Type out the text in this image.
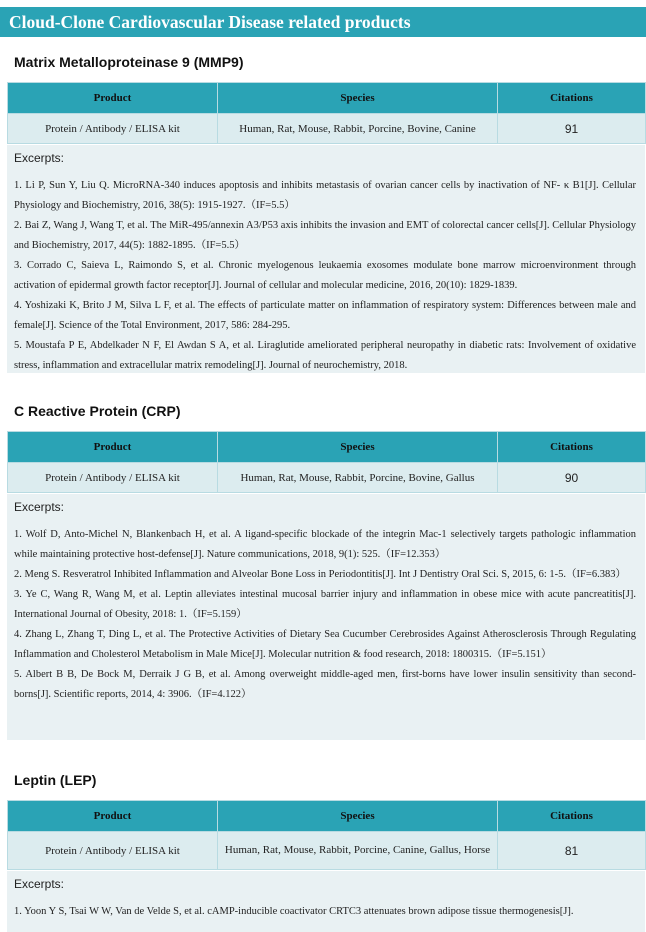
Cloud-Clone Cardiovascular Disease related products
Matrix Metalloproteinase 9 (MMP9)
Product	Species	Citations
Protein / Antibody / ELISA kit	Human, Rat, Mouse, Rabbit, Porcine, Bovine, Canine	91
Excerpts:
1. Li P, Sun Y, Liu Q. MicroRNA-340 induces apoptosis and inhibits metastasis of ovarian cancer cells by inactivation of NF- κ B1[J]. Cellular Physiology and Biochemistry, 2016, 38(5): 1915-1927.（IF=5.5）
2. Bai Z, Wang J, Wang T, et al. The MiR-495/annexin A3/P53 axis inhibits the invasion and EMT of colorectal cancer cells[J]. Cellular Physiology and Biochemistry, 2017, 44(5): 1882-1895.（IF=5.5）
3. Corrado C, Saieva L, Raimondo S, et al. Chronic myelogenous leukaemia exosomes modulate bone marrow microenvironment through activation of epidermal growth factor receptor[J]. Journal of cellular and molecular medicine, 2016, 20(10): 1829-1839.
4. Yoshizaki K, Brito J M, Silva L F, et al. The effects of particulate matter on inflammation of respiratory system: Differences between male and female[J]. Science of the Total Environment, 2017, 586: 284-295.
5. Moustafa P E, Abdelkader N F, El Awdan S A, et al. Liraglutide ameliorated peripheral neuropathy in diabetic rats: Involvement of oxidative stress, inflammation and extracellular matrix remodeling[J]. Journal of neurochemistry, 2018.
C Reactive Protein (CRP)
Product	Species	Citations
Protein / Antibody / ELISA kit	Human, Rat, Mouse, Rabbit, Porcine, Bovine, Gallus	90
Excerpts:
1. Wolf D, Anto-Michel N, Blankenbach H, et al. A ligand-specific blockade of the integrin Mac-1 selectively targets pathologic inflammation while maintaining protective host-defense[J]. Nature communications, 2018, 9(1): 525.（IF=12.353）
2. Meng S. Resveratrol Inhibited Inflammation and Alveolar Bone Loss in Periodontitis[J]. Int J Dentistry Oral Sci. S, 2015, 6: 1-5.（IF=6.383）
3. Ye C, Wang R, Wang M, et al. Leptin alleviates intestinal mucosal barrier injury and inflammation in obese mice with acute pancreatitis[J]. International Journal of Obesity, 2018: 1.（IF=5.159）
4. Zhang L, Zhang T, Ding L, et al. The Protective Activities of Dietary Sea Cucumber Cerebrosides Against Atherosclerosis Through Regulating Inflammation and Cholesterol Metabolism in Male Mice[J]. Molecular nutrition & food research, 2018: 1800315.（IF=5.151）
5. Albert B B, De Bock M, Derraik J G B, et al. Among overweight middle-aged men, first-borns have lower insulin sensitivity than second-borns[J]. Scientific reports, 2014, 4: 3906.（IF=4.122）
Leptin (LEP)
Product	Species	Citations
Protein / Antibody / ELISA kit	Human, Rat, Mouse, Rabbit, Porcine, Canine, Gallus, Horse	81
Excerpts:
1. Yoon Y S, Tsai W W, Van de Velde S, et al. cAMP-inducible coactivator CRTC3 attenuates brown adipose tissue thermogenesis[J].
